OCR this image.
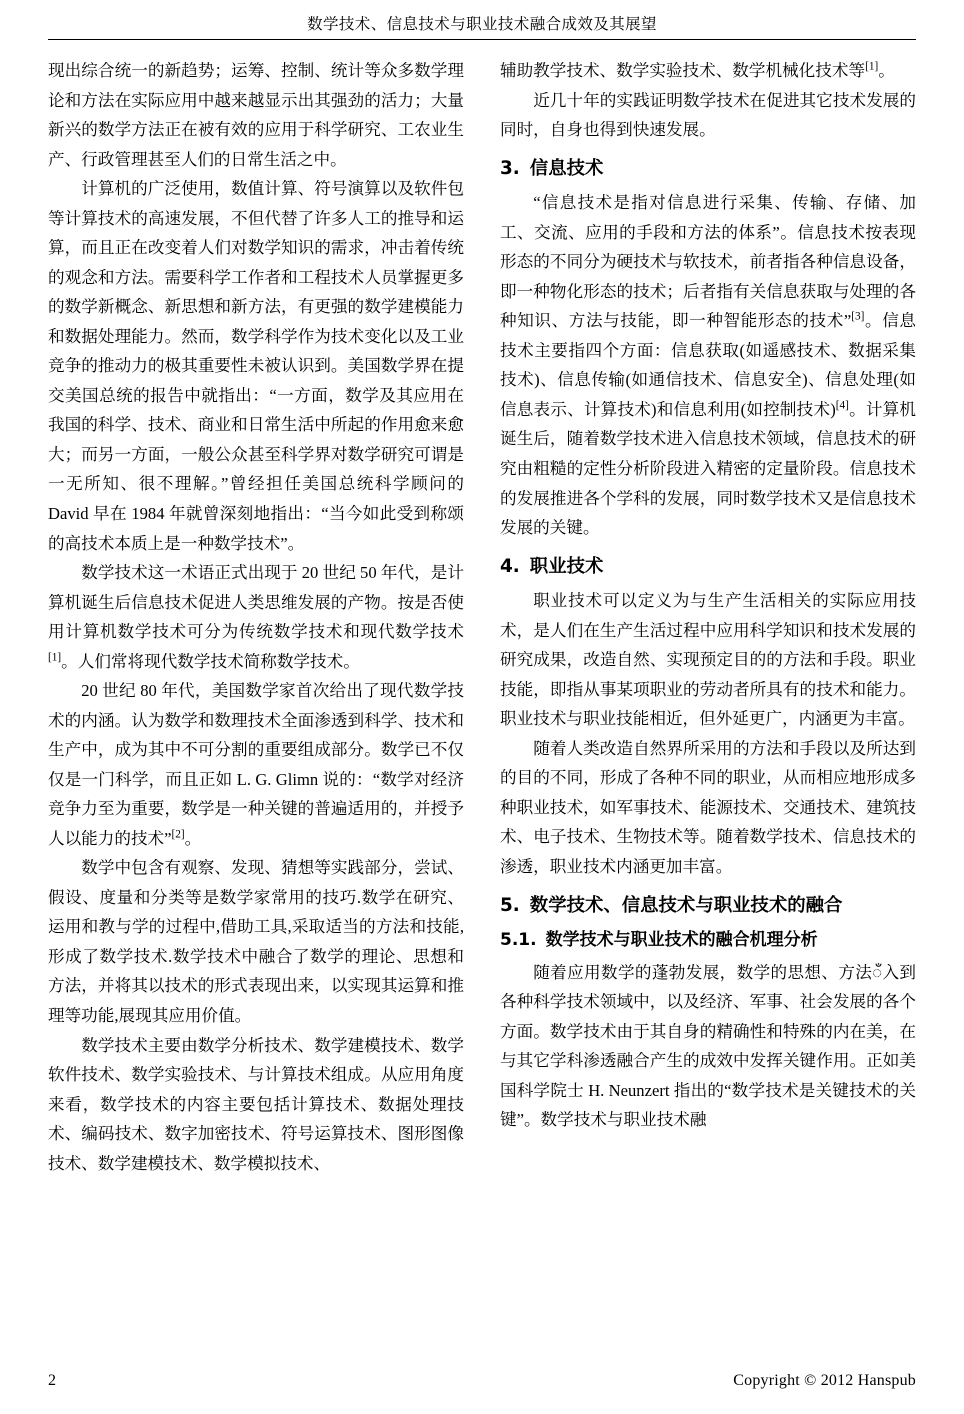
数学技术、信息技术与职业技术融合成效及其展望

现出综合统一的新趋势；运筹、控制、统计等众多数学理论和方法在实际应用中越来越显示出其强劲的活力；大量新兴的数学方法正在被有效的应用于科学研究、工农业生产、行政管理甚至人们的日常生活之中。

计算机的广泛使用，数值计算、符号演算以及软件包等计算技术的高速发展，不但代替了许多人工的推导和运算，而且正在改变着人们对数学知识的需求，冲击着传统的观念和方法。需要科学工作者和工程技术人员掌握更多的数学新概念、新思想和新方法，有更强的数学建模能力和数据处理能力。然而，数学科学作为技术变化以及工业竞争的推动力的极其重要性未被认识到。美国数学界在提交美国总统的报告中就指出：“一方面，数学及其应用在我国的科学、技术、商业和日常生活中所起的作用愈来愈大；而另一方面，一般公众甚至科学界对数学研究可谓是一无所知、很不理解。”曾经担任美国总统科学顾问的 David 早在 1984 年就曾深刻地指出：“当今如此受到称颂的高技术本质上是一种数学技术”。

数学技术这一术语正式出现于 20 世纪 50 年代，是计算机诞生后信息技术促进人类思维发展的产物。按是否使用计算机数学技术可分为传统数学技术和现代数学技术[1]。人们常将现代数学技术简称数学技术。

20 世纪 80 年代，美国数学家首次给出了现代数学技术的内涵。认为数学和数理技术全面渗透到科学、技术和生产中，成为其中不可分割的重要组成部分。数学已不仅仅是一门科学，而且正如 L. G. Glimn 说的：“数学对经济竞争力至为重要，数学是一种关键的普遍适用的，并授予人以能力的技术”[2]。

数学中包含有观察、发现、猜想等实践部分，尝试、假设、度量和分类等是数学家常用的技巧.数学在研究、运用和教与学的过程中,借助工具,采取适当的方法和技能,形成了数学技术.数学技术中融合了数学的理论、思想和方法，并将其以技术的形式表现出来，以实现其运算和推理等功能,展现其应用价值。

数学技术主要由数学分析技术、数学建模技术、数学软件技术、数学实验技术、与计算技术组成。从应用角度来看，数学技术的内容主要包括计算技术、数据处理技术、编码技术、数字加密技术、符号运算技术、图形图像技术、数学建模技术、数学模拟技术、

辅助教学技术、数学实验技术、数学机械化技术等[1]。

近几十年的实践证明数学技术在促进其它技术发展的同时，自身也得到快速发展。

3. 信息技术

“信息技术是指对信息进行采集、传输、存储、加工、交流、应用的手段和方法的体系”。信息技术按表现形态的不同分为硬技术与软技术，前者指各种信息设备，即一种物化形态的技术；后者指有关信息获取与处理的各种知识、方法与技能，即一种智能形态的技术”[3]。信息技术主要指四个方面：信息获取(如遥感技术、数据采集技术)、信息传输(如通信技术、信息安全)、信息处理(如信息表示、计算技术)和信息利用(如控制技术)[4]。计算机诞生后，随着数学技术进入信息技术领域，信息技术的研究由粗糙的定性分析阶段进入精密的定量阶段。信息技术的发展推进各个学科的发展，同时数学技术又是信息技术发展的关键。

4. 职业技术

职业技术可以定义为与生产生活相关的实际应用技术，是人们在生产生活过程中应用科学知识和技术发展的研究成果，改造自然、实现预定目的的方法和手段。职业技能，即指从事某项职业的劳动者所具有的技术和能力。职业技术与职业技能相近，但外延更广，内涵更为丰富。

随着人类改造自然界所采用的方法和手段以及所达到的目的不同，形成了各种不同的职业，从而相应地形成多种职业技术，如军事技术、能源技术、交通技术、建筑技术、电子技术、生物技术等。随着数学技术、信息技术的渗透，职业技术内涵更加丰富。

5. 数学技术、信息技术与职业技术的融合
5.1. 数学技术与职业技术的融合机理分析

随着应用数学的蓬勃发展，数学的思想、方法ँ入到各种科学技术领域中，以及经济、军事、社会发展的各个方面。数学技术由于其自身的精确性和特殊的内在美，在与其它学科渗透融合产生的成效中发挥关键作用。正如美国科学院士 H. Neunzert 指出的“数学技术是关键技术的关键”。数学技术与职业技术融

2	Copyright © 2012 Hanspub
